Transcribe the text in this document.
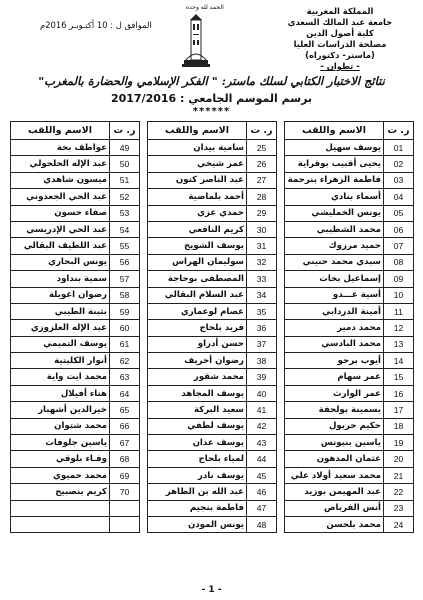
الحمد لله وحده	المملكة المغربية
جامعة عبد المالك السعدي
كلية أصول الدين
مصلحة الدراسات العليا
(ماستر- دكتوراه)
- تطوان -
الموافق ل : 10 أكتـوبـر 2016م
نتائج الاختبار الكتابي لسلك ماستر: " الفكر الإسلامي والحضارة بالمغرب"
برسم الموسم الجامعي : 2017/2016
******
ر. ت	الاسم واللقب
01	يوسف سهيل
02	يحيى أقبيب بوقراية
03	فاطمة الزهراء بنرحمة
04	أسماء بنادي
05	يونس الخمليشي
06	محمد الشطيبي
07	حميد مرزوك
08	سيدي محمد حنيني
09	إسماعيل بخات
10	أسية عـــدو
11	أمينة الدردابي
12	محمد دمير
13	محمد البادسي
14	أيوب برحو
15	عمر سهام
16	عمر الوارث
17	يسمينة بولحفة
18	حكيم حربول
19	ياسين بنيونس
20	عثمان المدهون
21	محمد سعيد أولاد علي
22	عبد المهيمن بوزيد
23	أنس القرباص
24	محمد بلحسن
ر. ت	الاسم واللقب
25	سامية بيدان
26	عمر شيخي
27	عبد الناصر كنون
28	أحمد بلماضية
29	حمدي عزي
30	كريم الناقعي
31	يوسف الشويخ
32	سوليمان الهراس
33	المصطفى بوحاجة
34	عبد السلام البقالي
35	عصام لوعماري
36	فريد بلحاج
37	حسن أدراو
38	رضوان أخريف
39	محمد شقور
40	يوسف المجاهد
41	سعيد البركة
42	يوسف لطفي
43	يوسف عدان
44	لمياء بلحاج
45	يوسف نادر
46	عبد الله بن الطاهر
47	فاطمة بنجيم
48	يونس المودن
ر. ت	الاسم واللقب
49	عواطف بخة
50	عبد الإله الحلحولي
51	ميسون شاهدي
52	عبد الحي الجعدوني
53	صفاء حسون
54	عبد الحي الإدريسي
55	عبد اللطيف البقالي
56	يونس البحاري
57	سمية بنداود
58	رضوان اغويلة
59	بثينة الطيبي
60	عبد الإله العلزوزي
61	يوسف التميمي
62	أنوار الكليتية
63	محمد ايت واية
64	هناء أفيلال
65	خيرالدين أشهبار
66	محمد شتوان
67	ياسين جلوفات
68	وفـاء بلوقي
69	محمد حميوي
70	كريم بنصبيح

- 1 -
